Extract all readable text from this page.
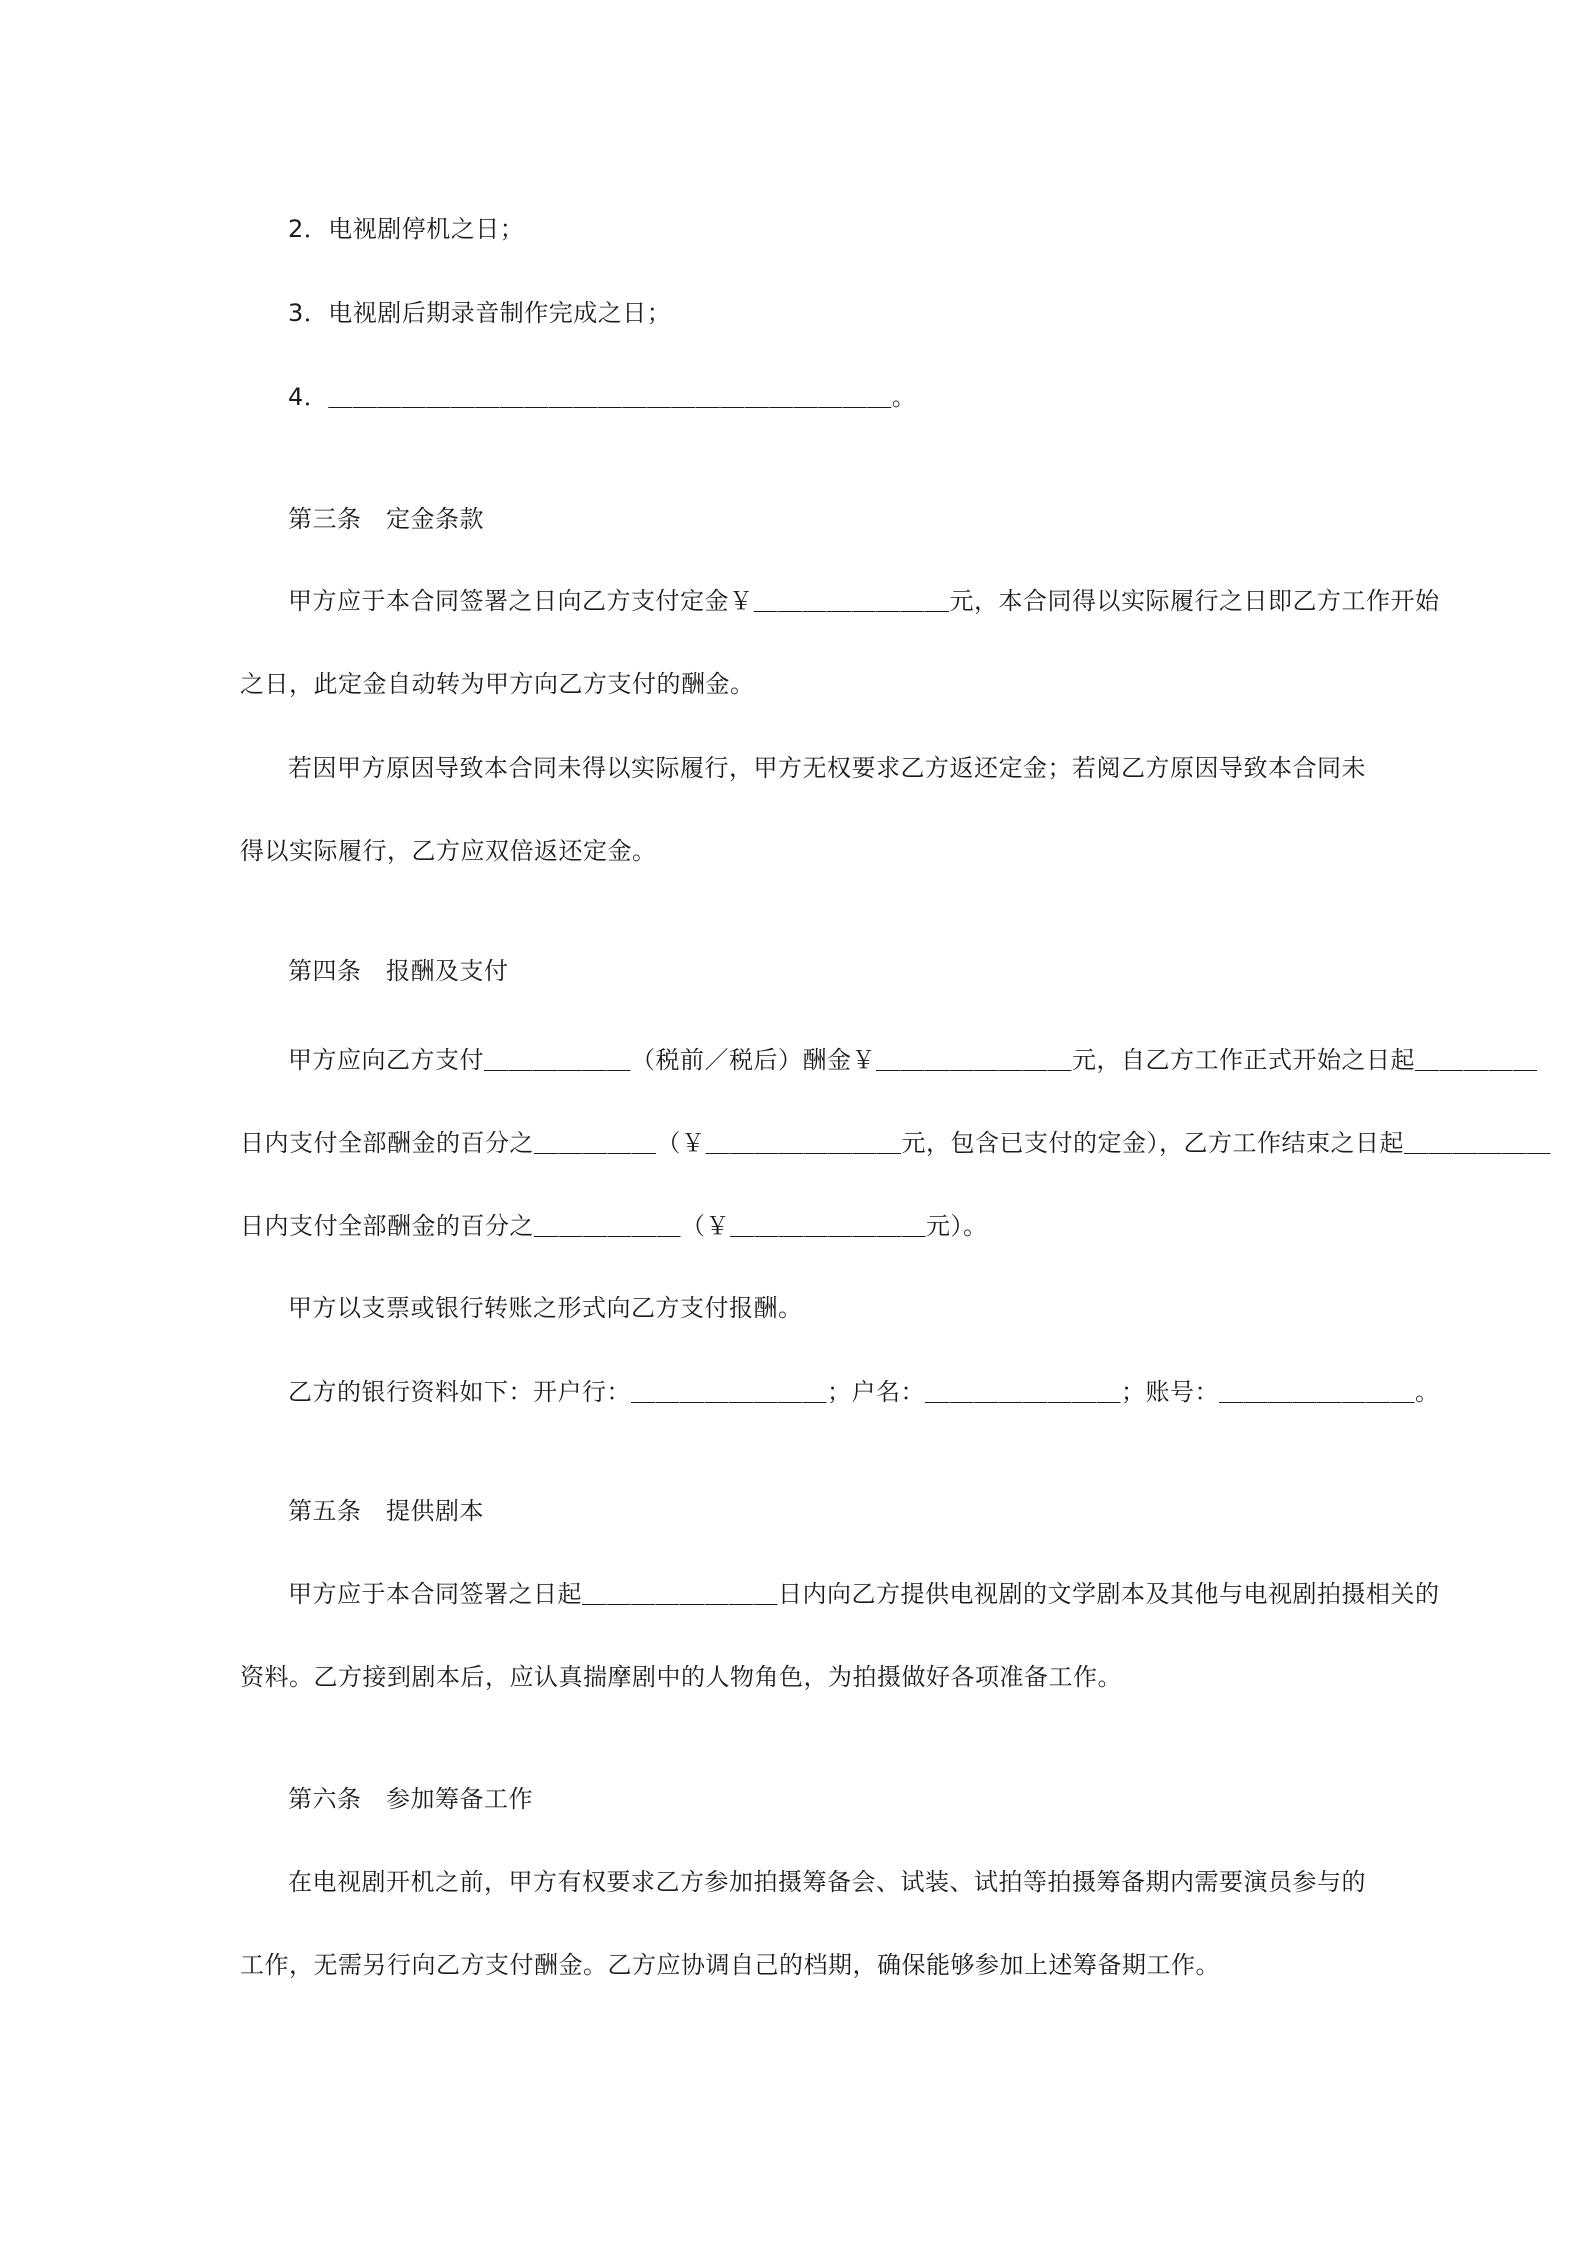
2．电视剧停机之日；
3．电视剧后期录音制作完成之日；
4．＿＿＿＿＿＿＿＿＿＿＿＿＿＿＿＿＿＿＿＿＿＿＿。
第三条　定金条款
甲方应于本合同签署之日向乙方支付定金￥＿＿＿＿＿＿＿＿元，本合同得以实际履行之日即乙方工作开始
之日，此定金自动转为甲方向乙方支付的酬金。
若因甲方原因导致本合同未得以实际履行，甲方无权要求乙方返还定金；若阅乙方原因导致本合同未
得以实际履行，乙方应双倍返还定金。
第四条　报酬及支付
甲方应向乙方支付＿＿＿＿＿＿（税前／税后）酬金￥＿＿＿＿＿＿＿＿元，自乙方工作正式开始之日起＿＿＿＿＿
日内支付全部酬金的百分之＿＿＿＿＿（￥＿＿＿＿＿＿＿＿元，包含已支付的定金），乙方工作结束之日起＿＿＿＿＿＿
日内支付全部酬金的百分之＿＿＿＿＿＿（￥＿＿＿＿＿＿＿＿元）。
甲方以支票或银行转账之形式向乙方支付报酬。
乙方的银行资料如下：开户行：＿＿＿＿＿＿＿＿；户名：＿＿＿＿＿＿＿＿；账号：＿＿＿＿＿＿＿＿。
第五条　提供剧本
甲方应于本合同签署之日起＿＿＿＿＿＿＿＿日内向乙方提供电视剧的文学剧本及其他与电视剧拍摄相关的
资料。乙方接到剧本后，应认真揣摩剧中的人物角色，为拍摄做好各项准备工作。
第六条　参加筹备工作
在电视剧开机之前，甲方有权要求乙方参加拍摄筹备会、试装、试拍等拍摄筹备期内需要演员参与的
工作，无需另行向乙方支付酬金。乙方应协调自己的档期，确保能够参加上述筹备期工作。
